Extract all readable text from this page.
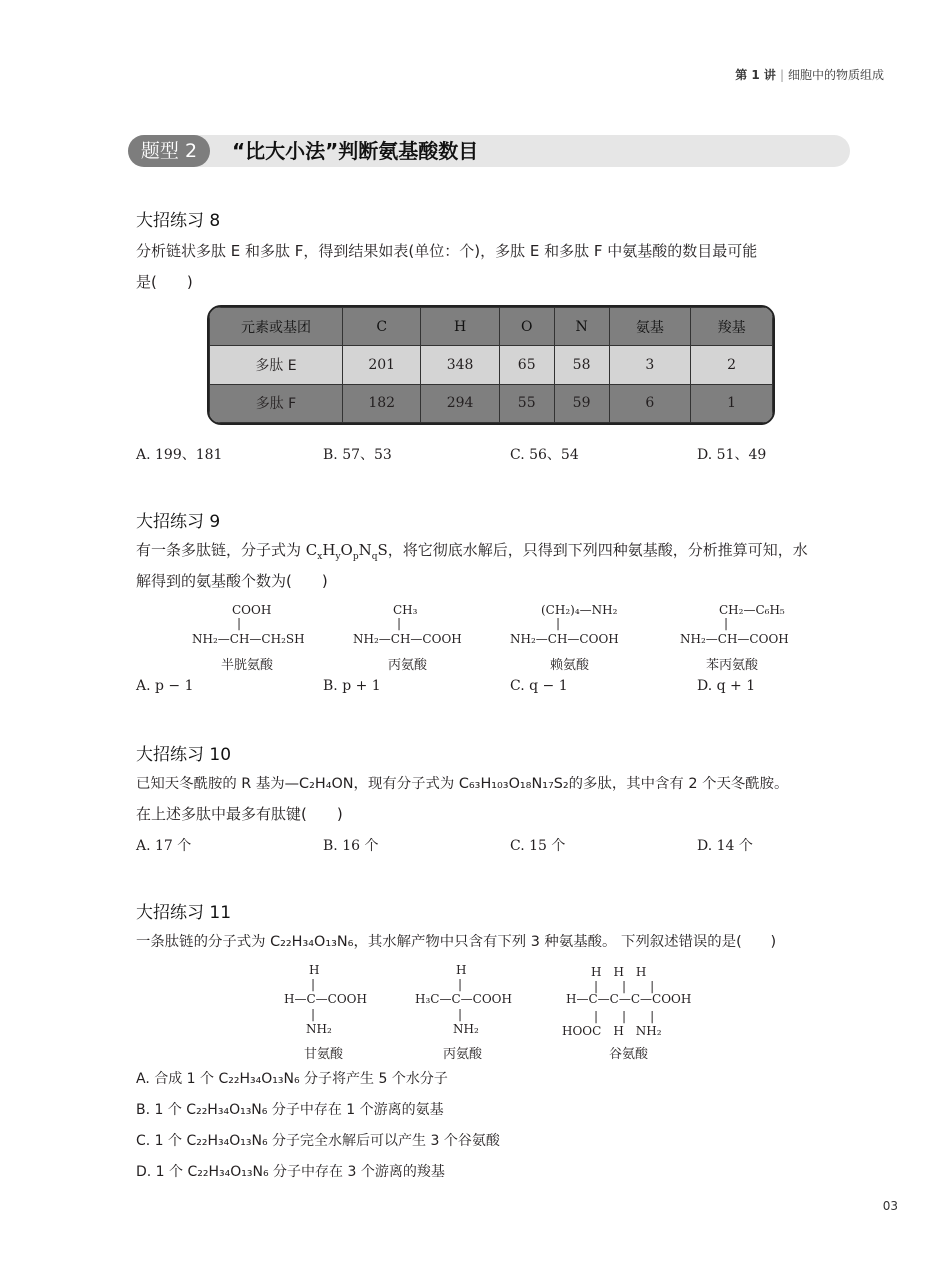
第 1 讲 | 细胞中的物质组成
题型 2	“比大小法”判断氨基酸数目
大招练习 8
分析链状多肽 E 和多肽 F，得到结果如表(单位：个)，多肽 E 和多肽 F 中氨基酸的数目最可能
是(　　)
元素或基团	C	H	O	N	氨基	羧基
多肽 E	201	348	65	58	3	2
多肽 F	182	294	55	59	6	1
A. 199、181	B. 57、53	C. 56、54	D. 51、49
大招练习 9
有一条多肽链，分子式为 $C_xH_yO_pN_qS$，将它彻底水解后，只得到下列四种氨基酸，分析推算可知，水
解得到的氨基酸个数为(　　)
COOH
|
NH₂—CH—CH₂SH
半胱氨酸
CH₃
|
NH₂—CH—COOH
丙氨酸
(CH₂)₄—NH₂
|
NH₂—CH—COOH
赖氨酸
CH₂—C₆H₅
|
NH₂—CH—COOH
苯丙氨酸
A. p − 1	B. p + 1	C. q − 1	D. q + 1
大招练习 10
已知天冬酰胺的 R 基为—C₂H₄ON，现有分子式为 C₆₃H₁₀₃O₁₈N₁₇S₂的多肽，其中含有 2 个天冬酰胺。
在上述多肽中最多有肽键(　　)
A. 17 个	B. 16 个	C. 15 个	D. 14 个
大招练习 11
一条肽链的分子式为 C₂₂H₃₄O₁₃N₆，其水解产物中只含有下列 3 种氨基酸。 下列叙述错误的是(　　)
H
|
H—C—COOH
|
NH₂
甘氨酸
H
|
H₃C—C—COOH
|
NH₂
丙氨酸
H　H　H
|　　|　　|
H—C—C—C—COOH
|　　|　　|
HOOC　H　NH₂
谷氨酸
A. 合成 1 个 C₂₂H₃₄O₁₃N₆ 分子将产生 5 个水分子
B. 1 个 C₂₂H₃₄O₁₃N₆ 分子中存在 1 个游离的氨基
C. 1 个 C₂₂H₃₄O₁₃N₆ 分子完全水解后可以产生 3 个谷氨酸
D. 1 个 C₂₂H₃₄O₁₃N₆ 分子中存在 3 个游离的羧基
03
